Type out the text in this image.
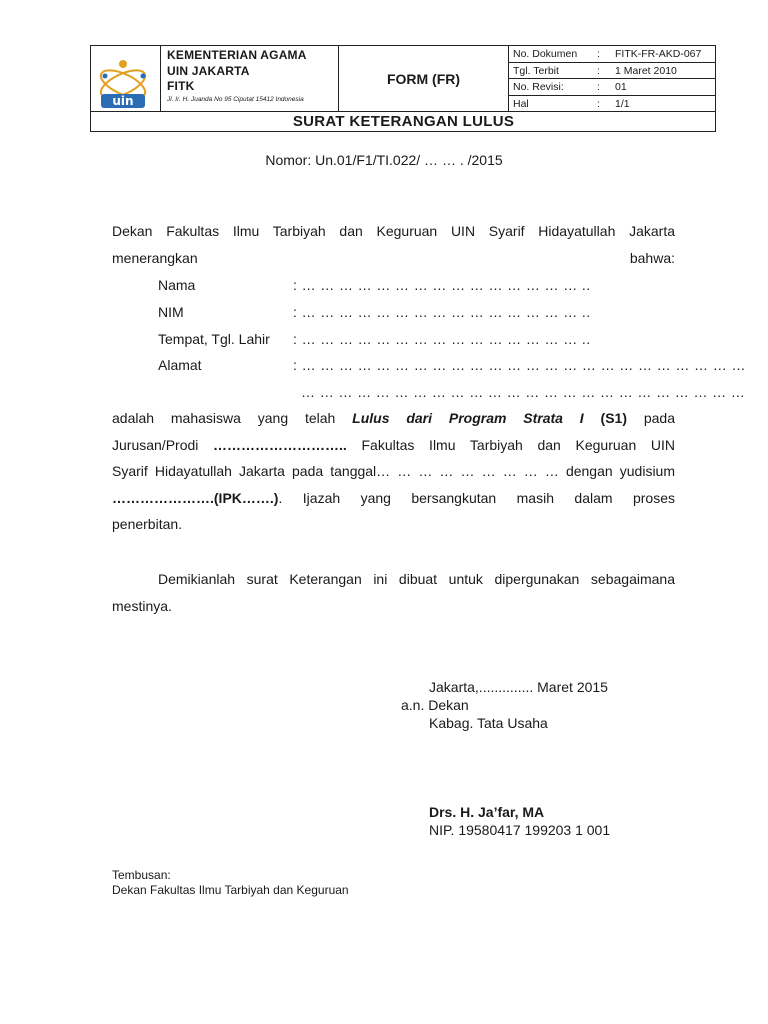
uin
KEMENTERIAN AGAMA
UIN JAKARTA
FITK
Jl. Ir. H. Juanda No 95 Ciputat 15412 Indonesia
FORM (FR)
No. Dokumen : FITK-FR-AKD-067
Tgl. Terbit	: 1 Maret 2010
No. Revisi:	: 01
Hal	: 1/1
SURAT KETERANGAN LULUS
Nomor: Un.01/F1/TI.022/ … … . /2015
Dekan Fakultas Ilmu Tarbiyah dan Keguruan UIN Syarif Hidayatullah Jakarta
menerangkan bahwa:
Nama	: … … … … … … … … … … … … … … … ..
NIM	: … … … … … … … … … … … … … … … ..
Tempat, Tgl. Lahir : … … … … … … … … … … … … … … … ..
Alamat	: … … … … … … … … … … … … … … … … … … … … … … … …
… … … … … … … … … … … … … … … … … … … … … … … …
adalah mahasiswa yang telah Lulus dari Program Strata I (S1) pada
Jurusan/Prodi ……………………….. Fakultas Ilmu Tarbiyah dan Keguruan UIN
Syarif Hidayatullah Jakarta pada tanggal… … … … … … … … … dengan yudisium
………………….(IPK…….). Ijazah yang bersangkutan masih dalam proses
penerbitan.
Demikianlah surat Keterangan ini dibuat untuk dipergunakan sebagaimana
mestinya.
Jakarta,.............. Maret 2015
a.n. Dekan
Kabag. Tata Usaha
Drs. H. Ja’far, MA
NIP. 19580417 199203 1 001
Tembusan:
Dekan Fakultas Ilmu Tarbiyah dan Keguruan
